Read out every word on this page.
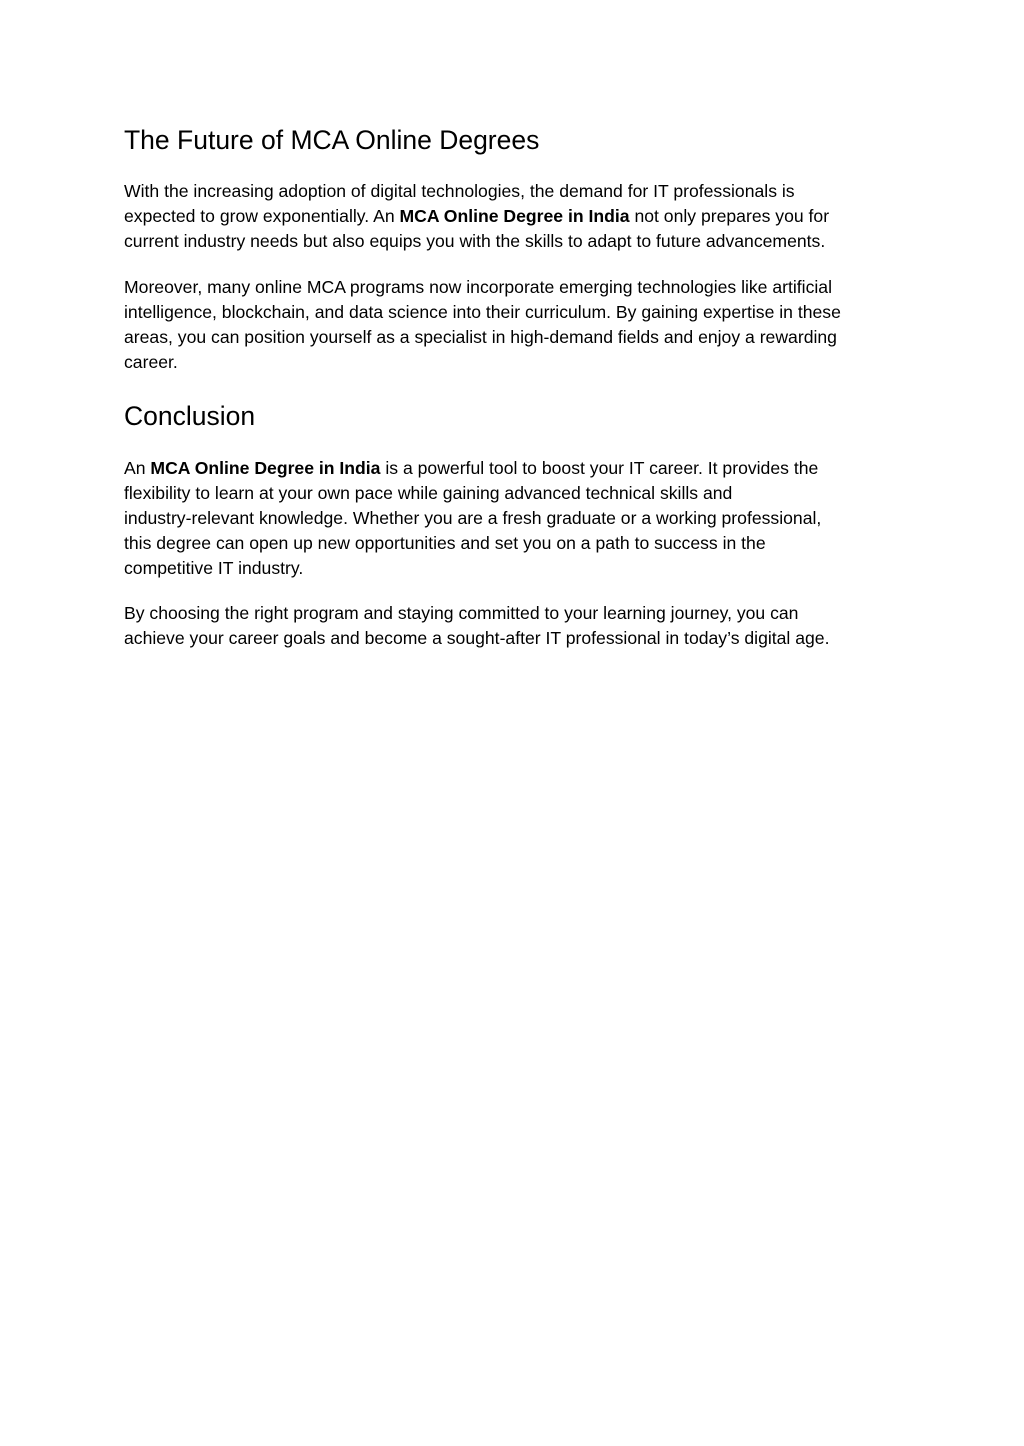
The Future of MCA Online Degrees

With the increasing adoption of digital technologies, the demand for IT professionals is
expected to grow exponentially. An MCA Online Degree in India not only prepares you for
current industry needs but also equips you with the skills to adapt to future advancements.

Moreover, many online MCA programs now incorporate emerging technologies like artificial
intelligence, blockchain, and data science into their curriculum. By gaining expertise in these
areas, you can position yourself as a specialist in high-demand fields and enjoy a rewarding
career.

Conclusion

An MCA Online Degree in India is a powerful tool to boost your IT career. It provides the
flexibility to learn at your own pace while gaining advanced technical skills and
industry-relevant knowledge. Whether you are a fresh graduate or a working professional,
this degree can open up new opportunities and set you on a path to success in the
competitive IT industry.

By choosing the right program and staying committed to your learning journey, you can
achieve your career goals and become a sought-after IT professional in today’s digital age.
